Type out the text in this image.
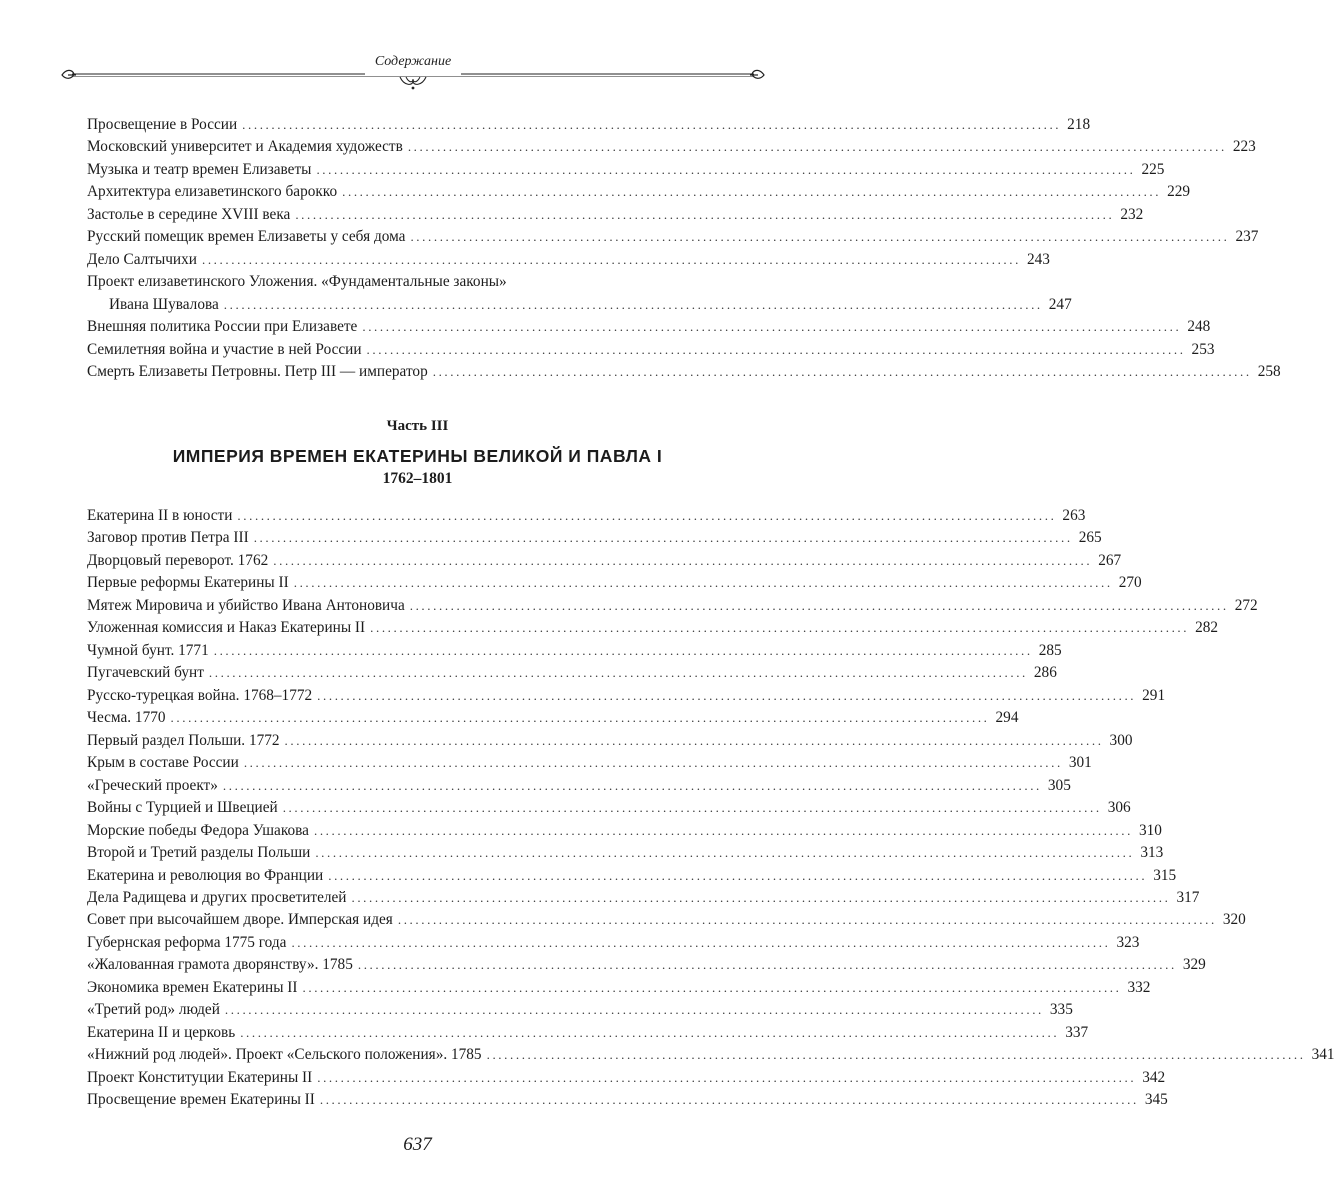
Содержание
Просвещение в России ............................................................................................................................................ 218
Московский университет и Академия художеств ............................................................................................................................................ 223
Музыка и театр времен Елизаветы ............................................................................................................................................ 225
Архитектура елизаветинского барокко ............................................................................................................................................ 229
Застолье в середине XVIII века ............................................................................................................................................ 232
Русский помещик времен Елизаветы у себя дома ............................................................................................................................................ 237
Дело Салтычихи ............................................................................................................................................ 243
Проект елизаветинского Уложения. «Фундаментальные законы»
Ивана Шувалова ............................................................................................................................................ 247
Внешняя политика России при Елизавете ............................................................................................................................................ 248
Семилетняя война и участие в ней России ............................................................................................................................................ 253
Смерть Елизаветы Петровны. Петр III — император ............................................................................................................................................ 258
Часть III
ИМПЕРИЯ ВРЕМЕН ЕКАТЕРИНЫ ВЕЛИКОЙ И ПАВЛА I
1762–1801
Екатерина II в юности ............................................................................................................................................ 263
Заговор против Петра III ............................................................................................................................................ 265
Дворцовый переворот. 1762 ............................................................................................................................................ 267
Первые реформы Екатерины II ............................................................................................................................................ 270
Мятеж Мировича и убийство Ивана Антоновича ............................................................................................................................................ 272
Уложенная комиссия и Наказ Екатерины II ............................................................................................................................................ 282
Чумной бунт. 1771 ............................................................................................................................................ 285
Пугачевский бунт ............................................................................................................................................ 286
Русско-турецкая война. 1768–1772 ............................................................................................................................................ 291
Чесма. 1770 ............................................................................................................................................ 294
Первый раздел Польши. 1772 ............................................................................................................................................ 300
Крым в составе России ............................................................................................................................................ 301
«Греческий проект» ............................................................................................................................................ 305
Войны с Турцией и Швецией ............................................................................................................................................ 306
Морские победы Федора Ушакова ............................................................................................................................................ 310
Второй и Третий разделы Польши ............................................................................................................................................ 313
Екатерина и революция во Франции ............................................................................................................................................ 315
Дела Радищева и других просветителей ............................................................................................................................................ 317
Совет при высочайшем дворе. Имперская идея ............................................................................................................................................ 320
Губернская реформа 1775 года ............................................................................................................................................ 323
«Жалованная грамота дворянству». 1785 ............................................................................................................................................ 329
Экономика времен Екатерины II ............................................................................................................................................ 332
«Третий род» людей ............................................................................................................................................ 335
Екатерина II и церковь ............................................................................................................................................ 337
«Нижний род людей». Проект «Сельского положения». 1785 ............................................................................................................................................ 341
Проект Конституции Екатерины II ............................................................................................................................................ 342
Просвещение времен Екатерины II ............................................................................................................................................ 345
637
